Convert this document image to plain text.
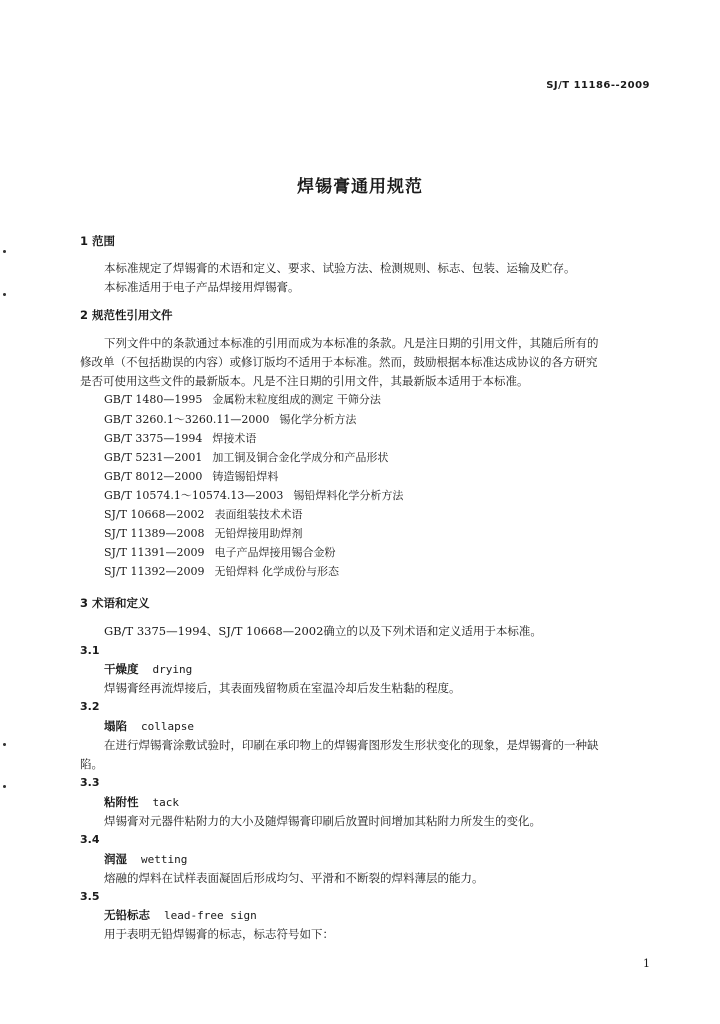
SJ/T 11186--2009
焊锡膏通用规范
1 范围
本标准规定了焊锡膏的术语和定义、要求、试验方法、检测规则、标志、包装、运输及贮存。
本标准适用于电子产品焊接用焊锡膏。
2 规范性引用文件
下列文件中的条款通过本标准的引用而成为本标准的条款。凡是注日期的引用文件，其随后所有的
修改单（不包括勘误的内容）或修订版均不适用于本标准。然而，鼓励根据本标准达成协议的各方研究
是否可使用这些文件的最新版本。凡是不注日期的引用文件，其最新版本适用于本标准。
GB/T 1480—1995 金属粉末粒度组成的测定 干筛分法
GB/T 3260.1～3260.11—2000 锡化学分析方法
GB/T 3375—1994 焊接术语
GB/T 5231—2001 加工铜及铜合金化学成分和产品形状
GB/T 8012—2000 铸造锡铅焊料
GB/T 10574.1～10574.13—2003 锡铅焊料化学分析方法
SJ/T 10668—2002 表面组装技术术语
SJ/T 11389—2008 无铅焊接用助焊剂
SJ/T 11391—2009 电子产品焊接用锡合金粉
SJ/T 11392—2009 无铅焊料 化学成份与形态
3 术语和定义
GB/T 3375—1994、SJ/T 10668—2002确立的以及下列术语和定义适用于本标准。
3.1
干燥度 drying
焊锡膏经再流焊接后，其表面残留物质在室温冷却后发生粘黏的程度。
3.2
塌陷 collapse
在进行焊锡膏涂敷试验时，印刷在承印物上的焊锡膏图形发生形状变化的现象，是焊锡膏的一种缺
陷。
3.3
粘附性 tack
焊锡膏对元器件粘附力的大小及随焊锡膏印刷后放置时间增加其粘附力所发生的变化。
3.4
润湿 wetting
熔融的焊料在试样表面凝固后形成均匀、平滑和不断裂的焊料薄层的能力。
3.5
无铅标志 lead-free sign
用于表明无铅焊锡膏的标志，标志符号如下：
1
